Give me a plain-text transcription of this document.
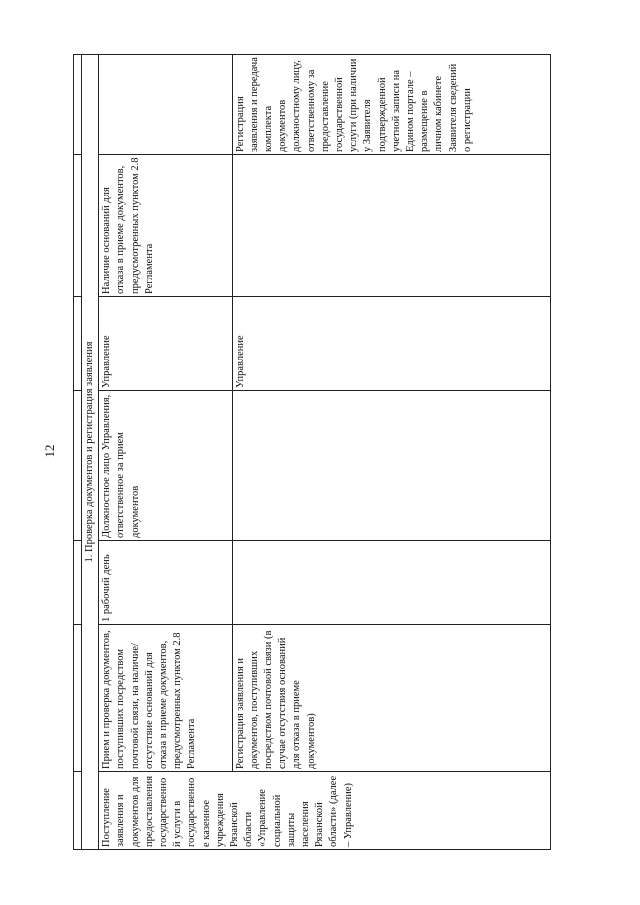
12
							1. Проверка документов и регистрация заявления						
Поступление заявления и документов для предоставления государственно й услуги в государственно е казенное учреждения Рязанской области «Управление социальной защиты населения Рязанской области» (далее – Управление)	Прием и проверка документов, поступивших посредством почтовой связи, на наличие/отсутствие оснований для отказа в приеме документов, предусмотренных пунктом 2.8 Регламента	1 рабочий день	Должностное лицо Управления, ответственное за прием документов	Управление	Наличие оснований для отказа в приеме документов, предусмотренных пунктом 2.8 Регламента	
	Регистрация заявления и документов, поступивших посредством почтовой связи (в случае отсутствия оснований для отказа в приеме документов)			Управление		Регистрация заявления и передача комплекта документов должностному лицу, ответственному за предоставление государственной услуги (при наличии у Заявителя подтвержденной учетной записи на Едином портале – размещение в личном кабинете Заявителя сведений о регистрации
